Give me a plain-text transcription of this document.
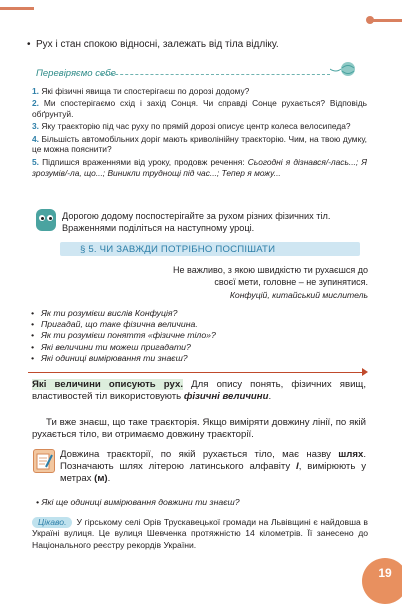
• Рух і стан спокою відносні, залежать від тіла відліку.
Перевіряємо себе
1. Які фізичні явища ти спостерігаєш по дорозі додому?
2. Ми спостерігаємо схід і захід Сонця. Чи справді Сонце рухається? Відповідь обґрунтуй.
3. Яку траєкторію під час руху по прямій дорозі описує центр колеса велосипеда?
4. Більшість автомобільних доріг мають криволінійну траєкторію. Чим, на твою думку, це можна пояснити?
5. Підпишся враженнями від уроку, продовж речення: Сьогодні я дізнався/-лась...; Я зрозумів/-ла, що...; Виникли труднощі під час...; Тепер я можу...
Дорогою додому поспостерігайте за рухом різних фізичних тіл. Враженнями поділіться на наступному уроці.
§ 5. ЧИ ЗАВЖДИ ПОТРІБНО ПОСПІШАТИ
Не важливо, з якою швидкістю ти рухаєшся до своєї мети, головне – не зупинятися.
Конфуцій, китайський мислитель
• Як ти розумієш вислів Конфуція?
• Пригадай, що таке фізична величина.
• Як ти розумієш поняття «фізичне тіло»?
• Які величини ти можеш пригадати?
• Які одиниці вимірювання ти знаєш?
Які величини описують рух. Для опису понять, фізичних явищ, властивостей тіл використовують фізичні величини.
Ти вже знаєш, що таке траєкторія. Якщо виміряти довжину лінії, по якій рухається тіло, ви отримаємо довжину траєкторії.
Довжина траєкторії, по якій рухається тіло, має назву шлях. Позначають шлях літерою латинського алфавіту l, вимірюють у метрах (м).
• Які ще одиниці вимірювання довжини ти знаєш?
Цікаво. У гірському селі Орів Трускавецької громади на Львівщині є найдовша в Україні вулиця. Це вулиця Шевченка протяжністю 14 кілометрів. Її занесено до Національного реєстру рекордів України.
19
